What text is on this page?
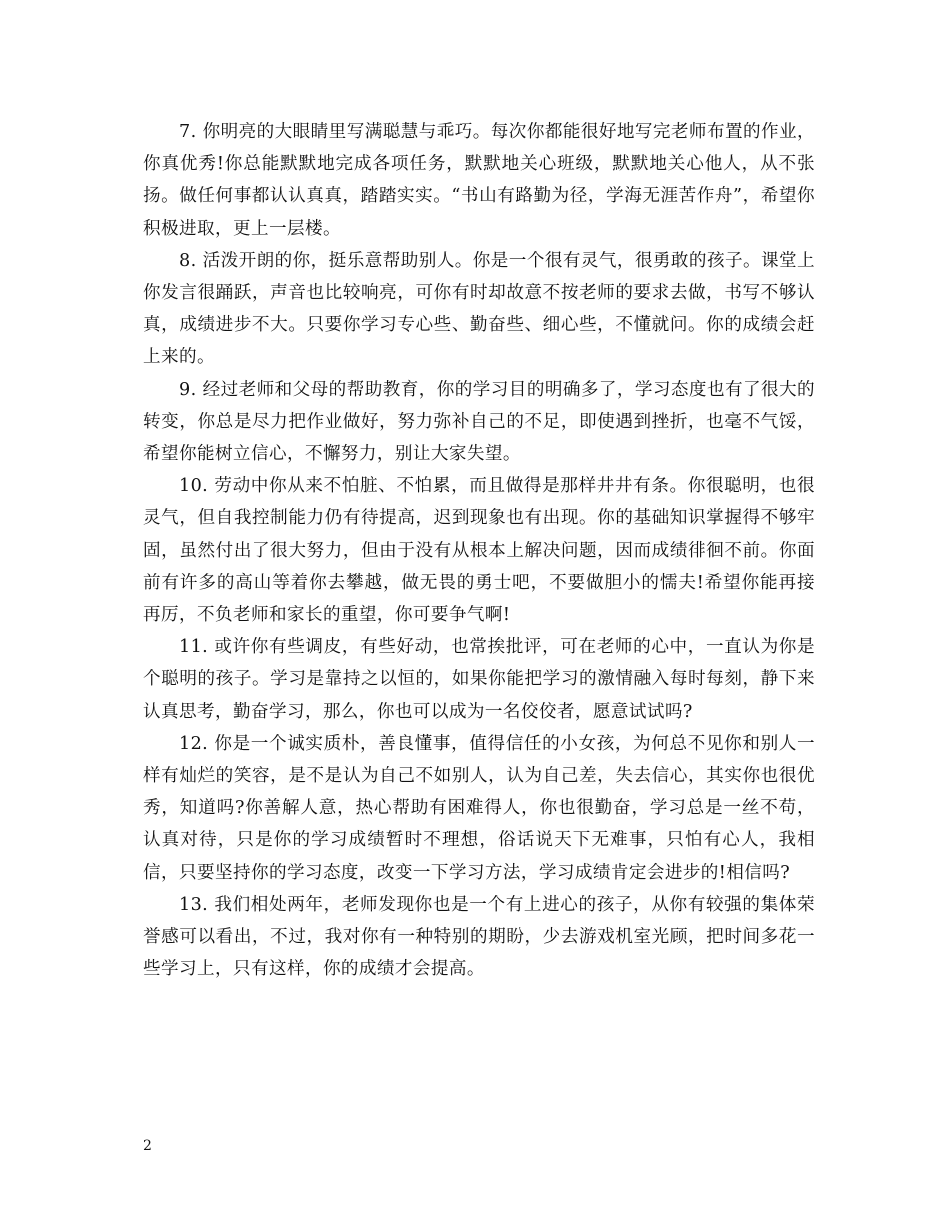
7. 你明亮的大眼睛里写满聪慧与乖巧。每次你都能很好地写完老师布置的作业，你真优秀!你总能默默地完成各项任务，默默地关心班级，默默地关心他人，从不张扬。做任何事都认认真真，踏踏实实。“书山有路勤为径，学海无涯苦作舟”，希望你积极进取，更上一层楼。

8. 活泼开朗的你，挺乐意帮助别人。你是一个很有灵气，很勇敢的孩子。课堂上你发言很踊跃，声音也比较响亮，可你有时却故意不按老师的要求去做，书写不够认真，成绩进步不大。只要你学习专心些、勤奋些、细心些，不懂就问。你的成绩会赶上来的。

9. 经过老师和父母的帮助教育，你的学习目的明确多了，学习态度也有了很大的转变，你总是尽力把作业做好，努力弥补自己的不足，即使遇到挫折，也毫不气馁，希望你能树立信心，不懈努力，别让大家失望。

10. 劳动中你从来不怕脏、不怕累，而且做得是那样井井有条。你很聪明，也很灵气，但自我控制能力仍有待提高，迟到现象也有出现。你的基础知识掌握得不够牢固，虽然付出了很大努力，但由于没有从根本上解决问题，因而成绩徘徊不前。你面前有许多的高山等着你去攀越，做无畏的勇士吧，不要做胆小的懦夫!希望你能再接再厉，不负老师和家长的重望，你可要争气啊!

11. 或许你有些调皮，有些好动，也常挨批评，可在老师的心中，一直认为你是个聪明的孩子。学习是靠持之以恒的，如果你能把学习的激情融入每时每刻，静下来认真思考，勤奋学习，那么，你也可以成为一名佼佼者，愿意试试吗?

12. 你是一个诚实质朴，善良懂事，值得信任的小女孩，为何总不见你和别人一样有灿烂的笑容，是不是认为自己不如别人，认为自己差，失去信心，其实你也很优秀，知道吗?你善解人意，热心帮助有困难得人，你也很勤奋，学习总是一丝不苟，认真对待，只是你的学习成绩暂时不理想，俗话说天下无难事，只怕有心人，我相信，只要坚持你的学习态度，改变一下学习方法，学习成绩肯定会进步的!相信吗?

13. 我们相处两年，老师发现你也是一个有上进心的孩子，从你有较强的集体荣誉感可以看出，不过，我对你有一种特别的期盼，少去游戏机室光顾，把时间多花一些学习上，只有这样，你的成绩才会提高。

2
